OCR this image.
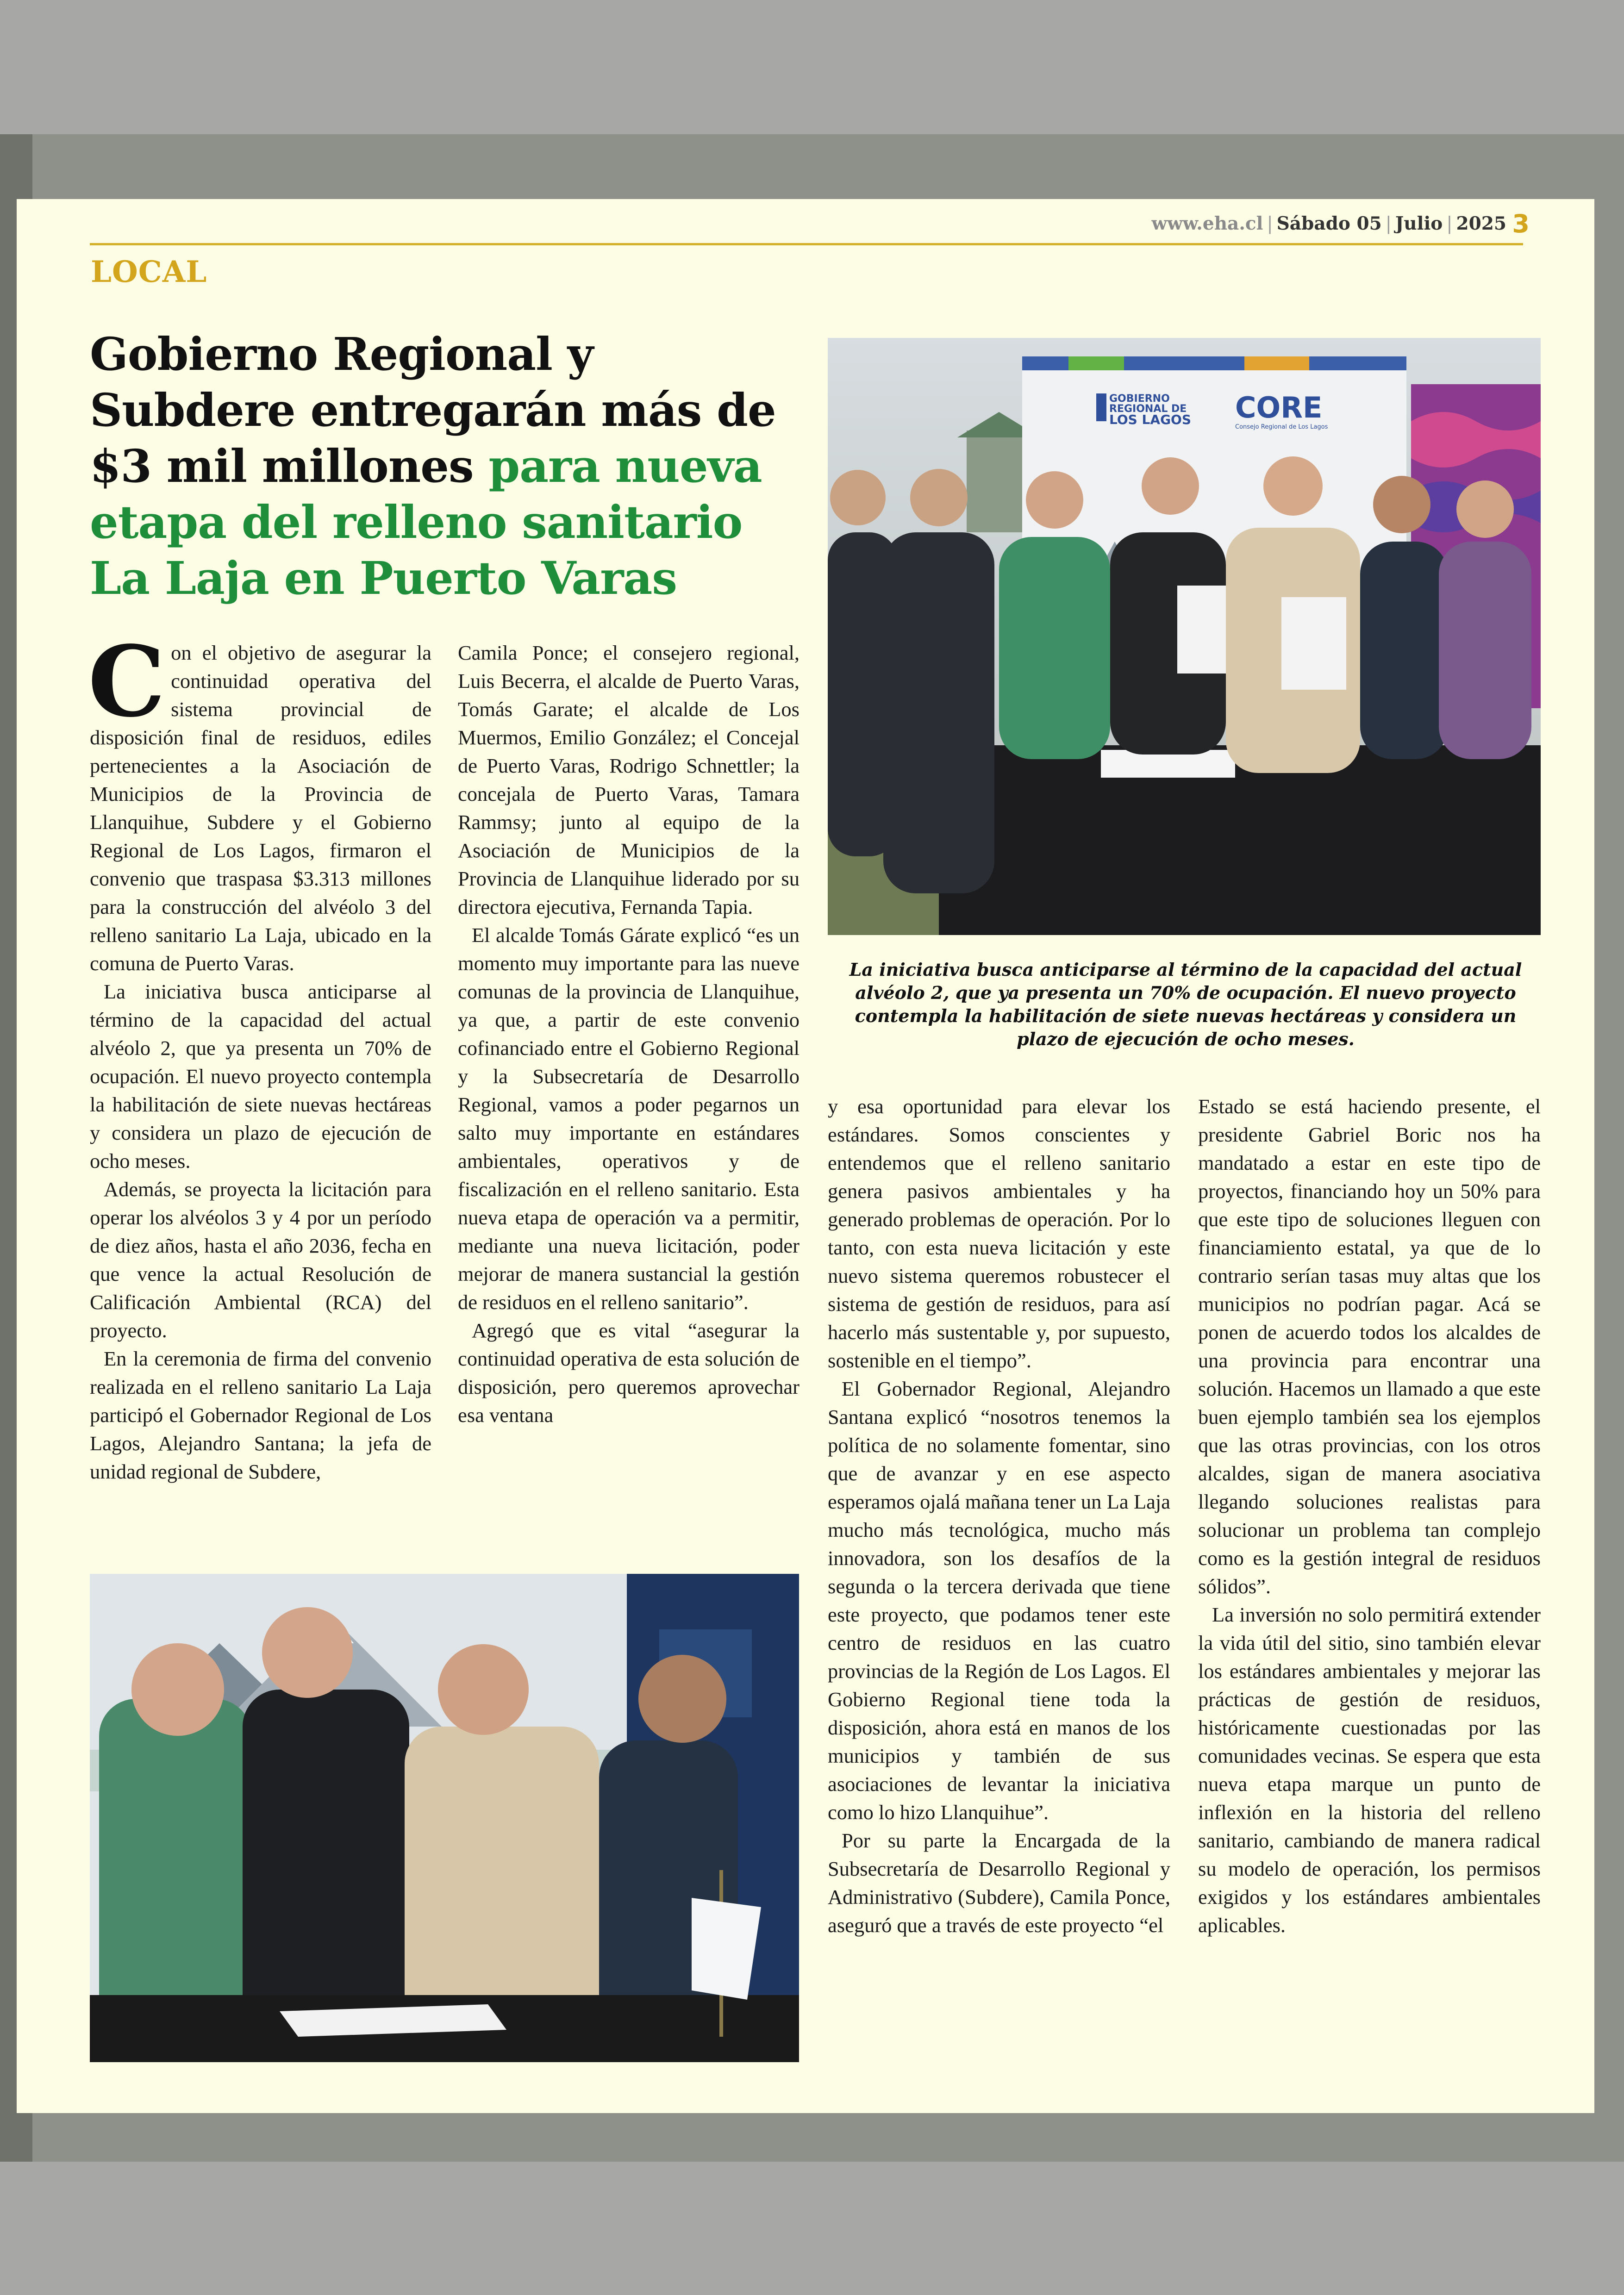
www.eha.cl | Sábado 05 | Julio | 2025 3
LOCAL
Gobierno Regional y Subdere entregarán más de $3 mil millones para nueva etapa del relleno sanitario La Laja en Puerto Varas
GOBIERNO
REGIONAL DE
LOS LAGOS CORE
Consejo Regional de Los Lagos
La iniciativa busca anticiparse al término de la capacidad del actual alvéolo 2, que ya presenta un 70% de ocupación. El nuevo proyecto contempla la habilitación de siete nuevas hectáreas y considera un plazo de ejecución de ocho meses.

Con el objetivo de asegurar la continuidad operativa del sistema provincial de disposición final de residuos, ediles pertenecientes a la Asociación de Municipios de la Provincia de Llanquihue, Subdere y el Gobierno Regional de Los Lagos, firmaron el convenio que traspasa $3.313 millones para la construcción del alvéolo 3 del relleno sanitario La Laja, ubicado en la comuna de Puerto Varas.

La iniciativa busca anticiparse al término de la capacidad del actual alvéolo 2, que ya presenta un 70% de ocupación. El nuevo proyecto contempla la habilitación de siete nuevas hectáreas y considera un plazo de ejecución de ocho meses.

Además, se proyecta la licitación para operar los alvéolos 3 y 4 por un período de diez años, hasta el año 2036, fecha en que vence la actual Resolución de Calificación Ambiental (RCA) del proyecto.

En la ceremonia de firma del convenio realizada en el relleno sanitario La Laja participó el Gobernador Regional de Los Lagos, Alejandro Santana; la jefa de unidad regional de Subdere,

Camila Ponce; el consejero regional, Luis Becerra, el alcalde de Puerto Varas, Tomás Garate; el alcalde de Los Muermos, Emilio González; el Concejal de Puerto Varas, Rodrigo Schnettler; la concejala de Puerto Varas, Tamara Rammsy; junto al equipo de la Asociación de Municipios de la Provincia de Llanquihue liderado por su directora ejecutiva, Fernanda Tapia.

El alcalde Tomás Gárate explicó “es un momento muy importante para las nueve comunas de la provincia de Llanquihue, ya que, a partir de este convenio cofinanciado entre el Gobierno Regional y la Subsecretaría de Desarrollo Regional, vamos a poder pegarnos un salto muy importante en estándares ambientales, operativos y de fiscalización en el relleno sanitario. Esta nueva etapa de operación va a permitir, mediante una nueva licitación, poder mejorar de manera sustancial la gestión de residuos en el relleno sanitario”.

Agregó que es vital “asegurar la continuidad operativa de esta solución de disposición, pero queremos aprovechar esa ventana

y esa oportunidad para elevar los estándares. Somos conscientes y entendemos que el relleno sanitario genera pasivos ambientales y ha generado problemas de operación. Por lo tanto, con esta nueva licitación y este nuevo sistema queremos robustecer el sistema de gestión de residuos, para así hacerlo más sustentable y, por supuesto, sostenible en el tiempo”.

El Gobernador Regional, Alejandro Santana explicó “nosotros tenemos la política de no solamente fomentar, sino que de avanzar y en ese aspecto esperamos ojalá mañana tener un La Laja mucho más tecnológica, mucho más innovadora, son los desafíos de la segunda o la tercera derivada que tiene este proyecto, que podamos tener este centro de residuos en las cuatro provincias de la Región de Los Lagos. El Gobierno Regional tiene toda la disposición, ahora está en manos de los municipios y también de sus asociaciones de levantar la iniciativa como lo hizo Llanquihue”.

Por su parte la Encargada de la Subsecretaría de Desarrollo Regional y Administrativo (Subdere), Camila Ponce, aseguró que a través de este proyecto “el

Estado se está haciendo presente, el presidente Gabriel Boric nos ha mandatado a estar en este tipo de proyectos, financiando hoy un 50% para que este tipo de soluciones lleguen con financiamiento estatal, ya que de lo contrario serían tasas muy altas que los municipios no podrían pagar. Acá se ponen de acuerdo todos los alcaldes de una provincia para encontrar una solución. Hacemos un llamado a que este buen ejemplo también sea los ejemplos que las otras provincias, con los otros alcaldes, sigan de manera asociativa llegando soluciones realistas para solucionar un problema tan complejo como es la gestión integral de residuos sólidos”.

La inversión no solo permitirá extender la vida útil del sitio, sino también elevar los estándares ambientales y mejorar las prácticas de gestión de residuos, históricamente cuestionadas por las comunidades vecinas. Se espera que esta nueva etapa marque un punto de inflexión en la historia del relleno sanitario, cambiando de manera radical su modelo de operación, los permisos exigidos y los estándares ambientales aplicables.
